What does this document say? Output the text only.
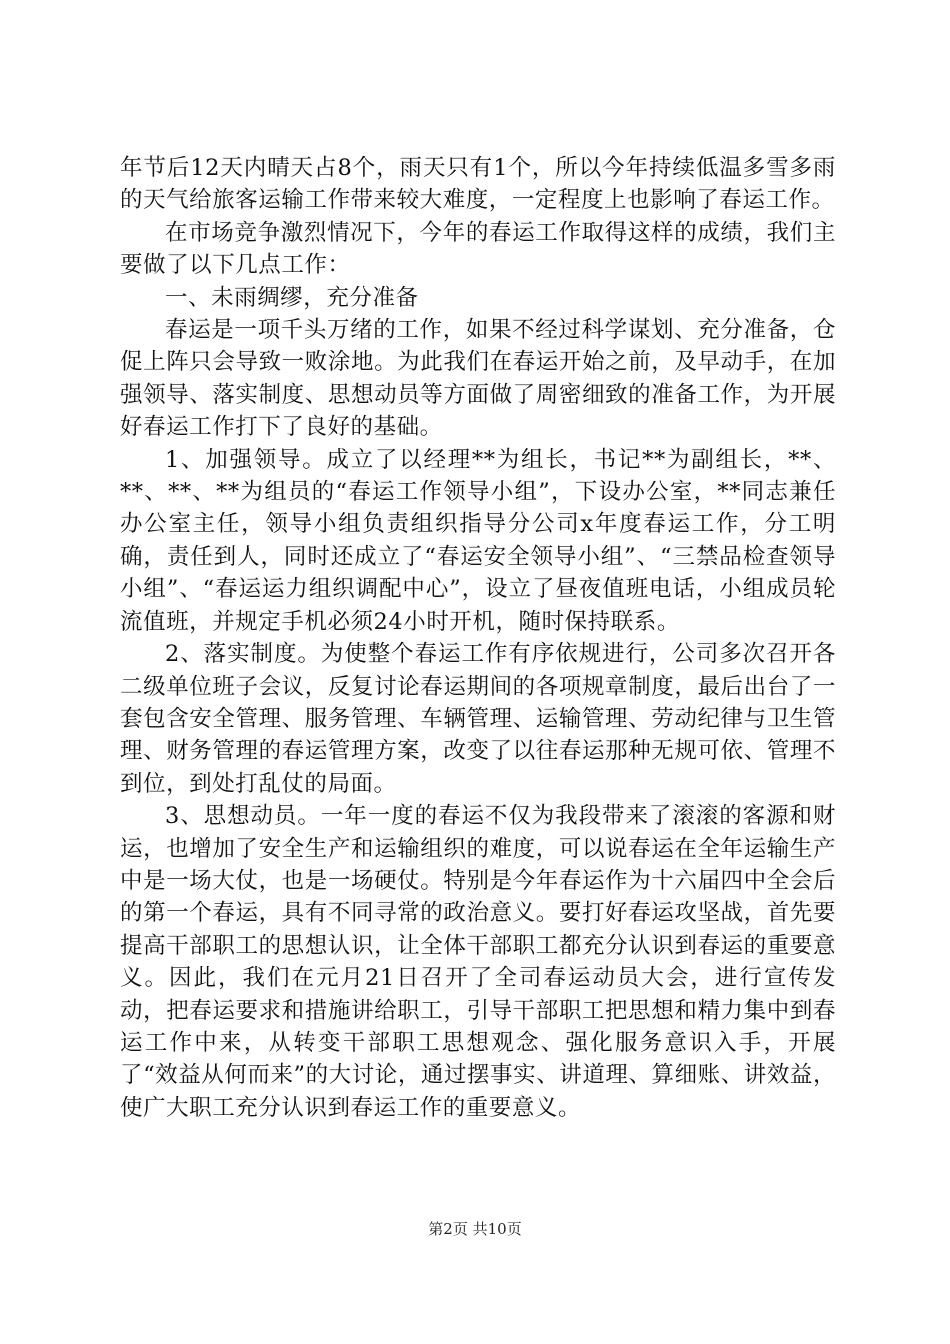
年节后12天内晴天占8个，雨天只有1个，所以今年持续低温多雪多雨的天气给旅客运输工作带来较大难度，一定程度上也影响了春运工作。

在市场竞争激烈情况下，今年的春运工作取得这样的成绩，我们主要做了以下几点工作：

一、未雨绸缪，充分准备

春运是一项千头万绪的工作，如果不经过科学谋划、充分准备，仓促上阵只会导致一败涂地。为此我们在春运开始之前，及早动手，在加强领导、落实制度、思想动员等方面做了周密细致的准备工作，为开展好春运工作打下了良好的基础。

1、加强领导。成立了以经理**为组长，书记**为副组长，**、**、**、**为组员的“春运工作领导小组”，下设办公室，**同志兼任办公室主任，领导小组负责组织指导分公司x年度春运工作，分工明确，责任到人，同时还成立了“春运安全领导小组”、“三禁品检查领导小组”、“春运运力组织调配中心”，设立了昼夜值班电话，小组成员轮流值班，并规定手机必须24小时开机，随时保持联系。

2、落实制度。为使整个春运工作有序依规进行，公司多次召开各二级单位班子会议，反复讨论春运期间的各项规章制度，最后出台了一套包含安全管理、服务管理、车辆管理、运输管理、劳动纪律与卫生管理、财务管理的春运管理方案，改变了以往春运那种无规可依、管理不到位，到处打乱仗的局面。

3、思想动员。一年一度的春运不仅为我段带来了滚滚的客源和财运，也增加了安全生产和运输组织的难度，可以说春运在全年运输生产中是一场大仗，也是一场硬仗。特别是今年春运作为十六届四中全会后的第一个春运，具有不同寻常的政治意义。要打好春运攻坚战，首先要提高干部职工的思想认识，让全体干部职工都充分认识到春运的重要意义。因此，我们在元月21日召开了全司春运动员大会，进行宣传发动，把春运要求和措施讲给职工，引导干部职工把思想和精力集中到春运工作中来，从转变干部职工思想观念、强化服务意识入手，开展了“效益从何而来”的大讨论，通过摆事实、讲道理、算细账、讲效益，使广大职工充分认识到春运工作的重要意义。

第2页 共10页
